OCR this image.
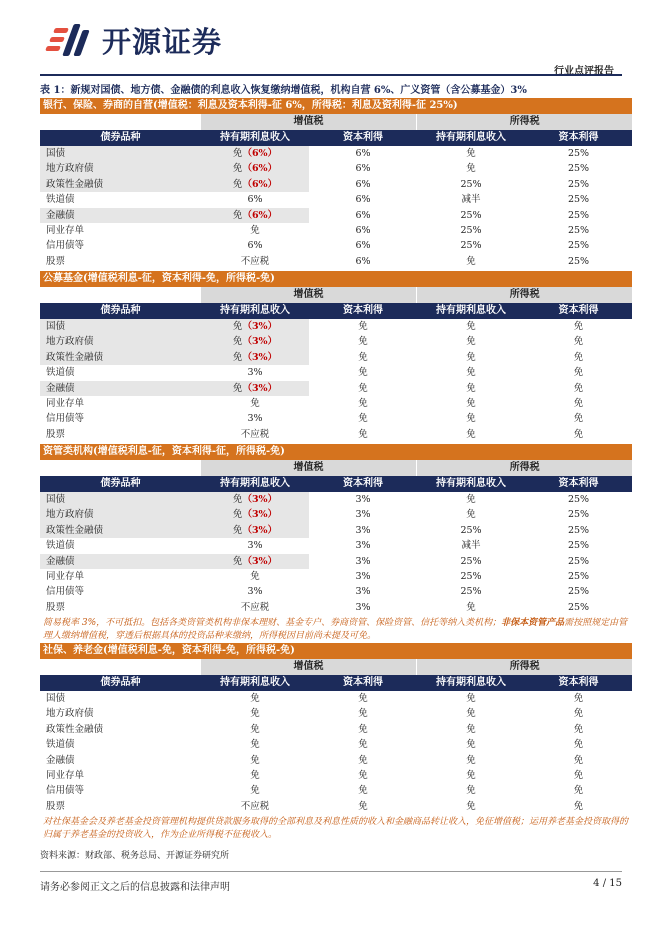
开源证券
行业点评报告
表 1：新规对国债、地方债、金融债的利息收入恢复缴纳增值税，机构自营 6%、广义资管（含公募基金）3%
银行、保险、券商的自营(增值税：利息及资本利得-征 6%，所得税：利息及资利得-征 25%)
增值税	所得税
债券品种	持有期利息收入	资本利得	持有期利息收入	资本利得
国债	免（6%）	6%	免	25%
地方政府债	免（6%）	6%	免	25%
政策性金融债	免（6%）	6%	25%	25%
铁道债	6%	6%	减半	25%
金融债	免（6%）	6%	25%	25%
同业存单	免	6%	25%	25%
信用债等	6%	6%	25%	25%
股票	不应税	6%	免	25%
公募基金(增值税利息-征，资本利得-免，所得税-免)
增值税	所得税
债券品种	持有期利息收入	资本利得	持有期利息收入	资本利得
国债	免（3%）	免	免	免
地方政府债	免（3%）	免	免	免
政策性金融债	免（3%）	免	免	免
铁道债	3%	免	免	免
金融债	免（3%）	免	免	免
同业存单	免	免	免	免
信用债等	3%	免	免	免
股票	不应税	免	免	免
资管类机构(增值税利息-征，资本利得-征，所得税-免)
增值税	所得税
债券品种	持有期利息收入	资本利得	持有期利息收入	资本利得
国债	免（3%）	3%	免	25%
地方政府债	免（3%）	3%	免	25%
政策性金融债	免（3%）	3%	25%	25%
铁道债	3%	3%	减半	25%
金融债	免（3%）	3%	25%	25%
同业存单	免	3%	25%	25%
信用债等	3%	3%	25%	25%
股票	不应税	3%	免	25%
简易税率 3%，不可抵扣。包括各类资管类机构非保本理财、基金专户、券商资管、保险资管、信托等纳入类机构；非保本资管产品需按照规定由管理人缴纳增值税，穿透后根据具体的投资品种来缴纳，所得税因目前尚未提及可免。
社保、养老金(增值税利息-免，资本利得-免，所得税-免)
增值税	所得税
债券品种	持有期利息收入	资本利得	持有期利息收入	资本利得
国债	免	免	免	免
地方政府债	免	免	免	免
政策性金融债	免	免	免	免
铁道债	免	免	免	免
金融债	免	免	免	免
同业存单	免	免	免	免
信用债等	免	免	免	免
股票	不应税	免	免	免
对社保基金会及养老基金投资管理机构提供贷款服务取得的全部利息及利息性质的收入和金融商品转让收入，免征增值税；运用养老基金投资取得的归属于养老基金的投资收入，作为企业所得税不征税收入。
资料来源：财政部、税务总局、开源证券研究所
请务必参阅正文之后的信息披露和法律声明	4 / 15
